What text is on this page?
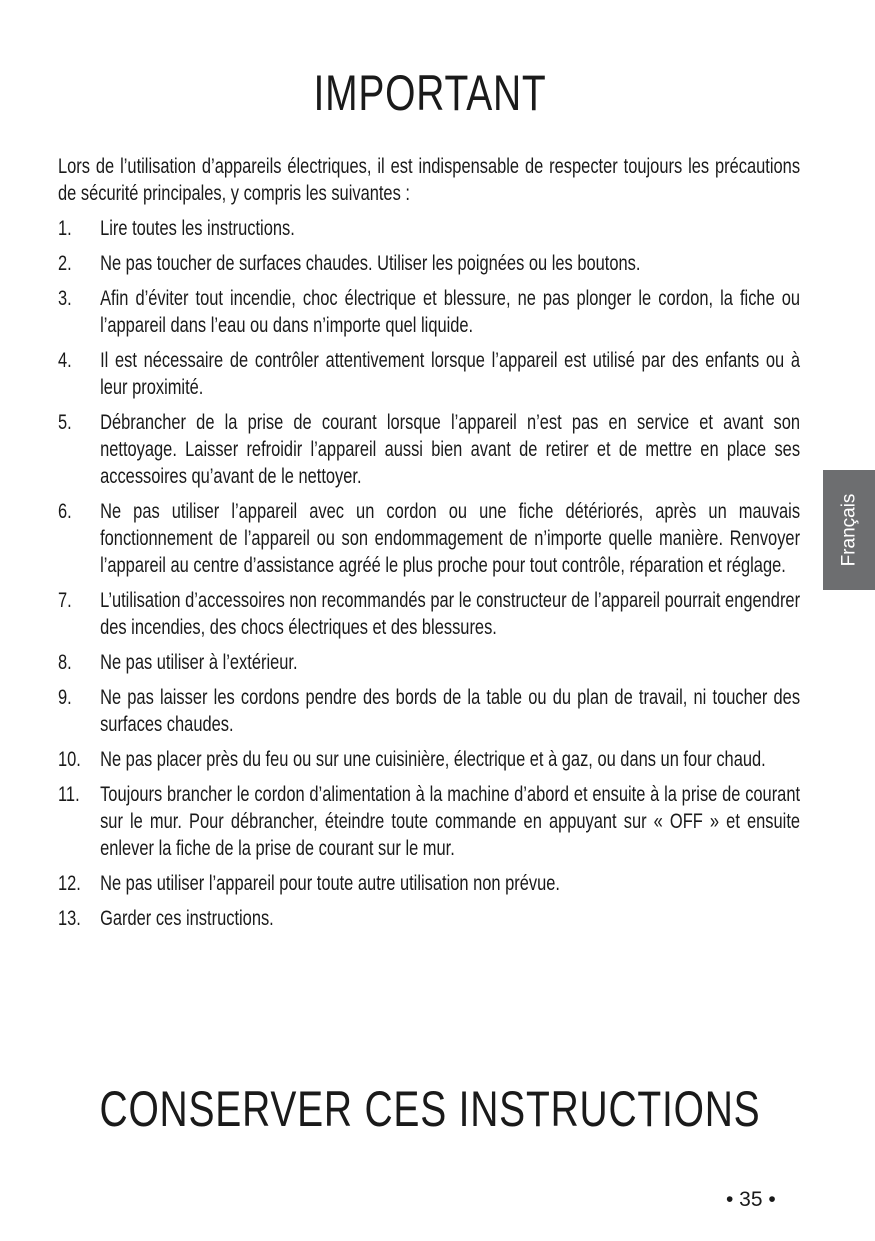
IMPORTANT

Lors de l’utilisation d’appareils électriques, il est indispensable de respecter toujours les précautions de sécurité principales, y compris les suivantes :

1. Lire toutes les instructions.
2. Ne pas toucher de surfaces chaudes. Utiliser les poignées ou les boutons.
3. Afin d’éviter tout incendie, choc électrique et blessure, ne pas plonger le cordon, la fiche ou l’appareil dans l’eau ou dans n’importe quel liquide.
4. Il est nécessaire de contrôler attentivement lorsque l’appareil est utilisé par des enfants ou à leur proximité.
5. Débrancher de la prise de courant lorsque l’appareil n’est pas en service et avant son nettoyage. Laisser refroidir l’appareil aussi bien avant de retirer et de mettre en place ses accessoires qu’avant de le nettoyer.
6. Ne pas utiliser l’appareil avec un cordon ou une fiche détériorés, après un mauvais fonctionnement de l’appareil ou son endommagement de n’importe quelle manière. Renvoyer l’appareil au centre d’assistance agréé le plus proche pour tout contrôle, réparation et réglage.
7. L’utilisation d’accessoires non recommandés par le constructeur de l’appareil pourrait engendrer des incendies, des chocs électriques et des blessures.
8. Ne pas utiliser à l’extérieur.
9. Ne pas laisser les cordons pendre des bords de la table ou du plan de travail, ni toucher des surfaces chaudes.
10. Ne pas placer près du feu ou sur une cuisinière, électrique et à gaz, ou dans un four chaud.
11. Toujours brancher le cordon d’alimentation à la machine d’abord et ensuite à la prise de courant sur le mur. Pour débrancher, éteindre toute commande en appuyant sur « OFF » et ensuite enlever la fiche de la prise de courant sur le mur.
12. Ne pas utiliser l’appareil pour toute autre utilisation non prévue.
13. Garder ces instructions.
CONSERVER CES INSTRUCTIONS
Français
• 35 •
